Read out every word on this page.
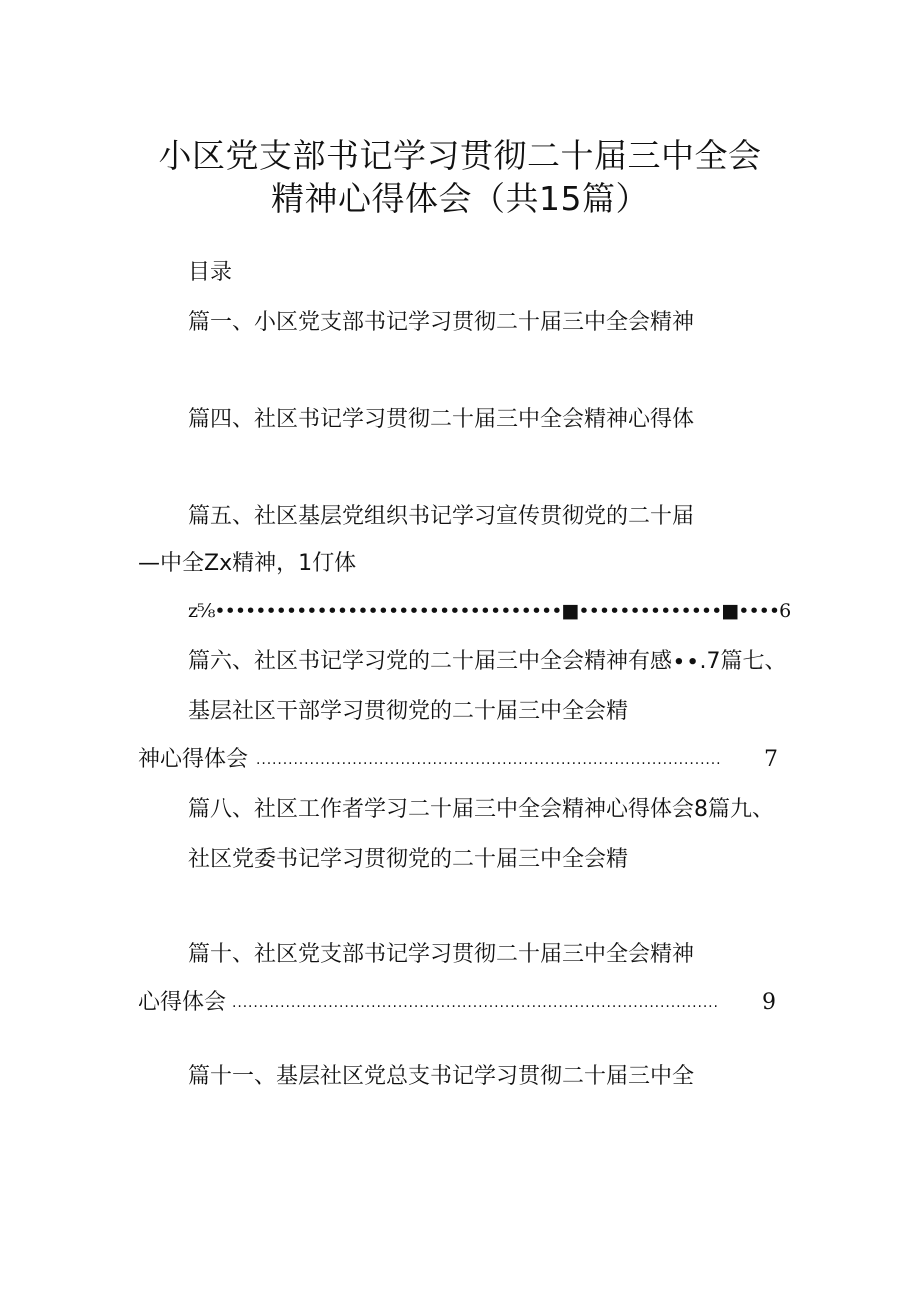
小区党支部书记学习贯彻二十届三中全会
精神心得体会（共15篇）
目录
篇一、小区党支部书记学习贯彻二十届三中全会精神
篇四、社区书记学习贯彻二十届三中全会精神心得体
篇五、社区基层党组织书记学习宣传贯彻党的二十届
—中全Zx精神，1仃体
z⅝••••••••••••••••••••••••••••••••••■••••••••••••••■••••6
篇六、社区书记学习党的二十届三中全会精神有感∙∙.7篇七、
基层社区干部学习贯彻党的二十届三中全会精
神心得体会 .......................................................................................	7
篇八、社区工作者学习二十届三中全会精神心得体会8篇九、
社区党委书记学习贯彻党的二十届三中全会精
篇十、社区党支部书记学习贯彻二十届三中全会精神
心得体会 ...........................................................................................	9
篇十一、基层社区党总支书记学习贯彻二十届三中全
